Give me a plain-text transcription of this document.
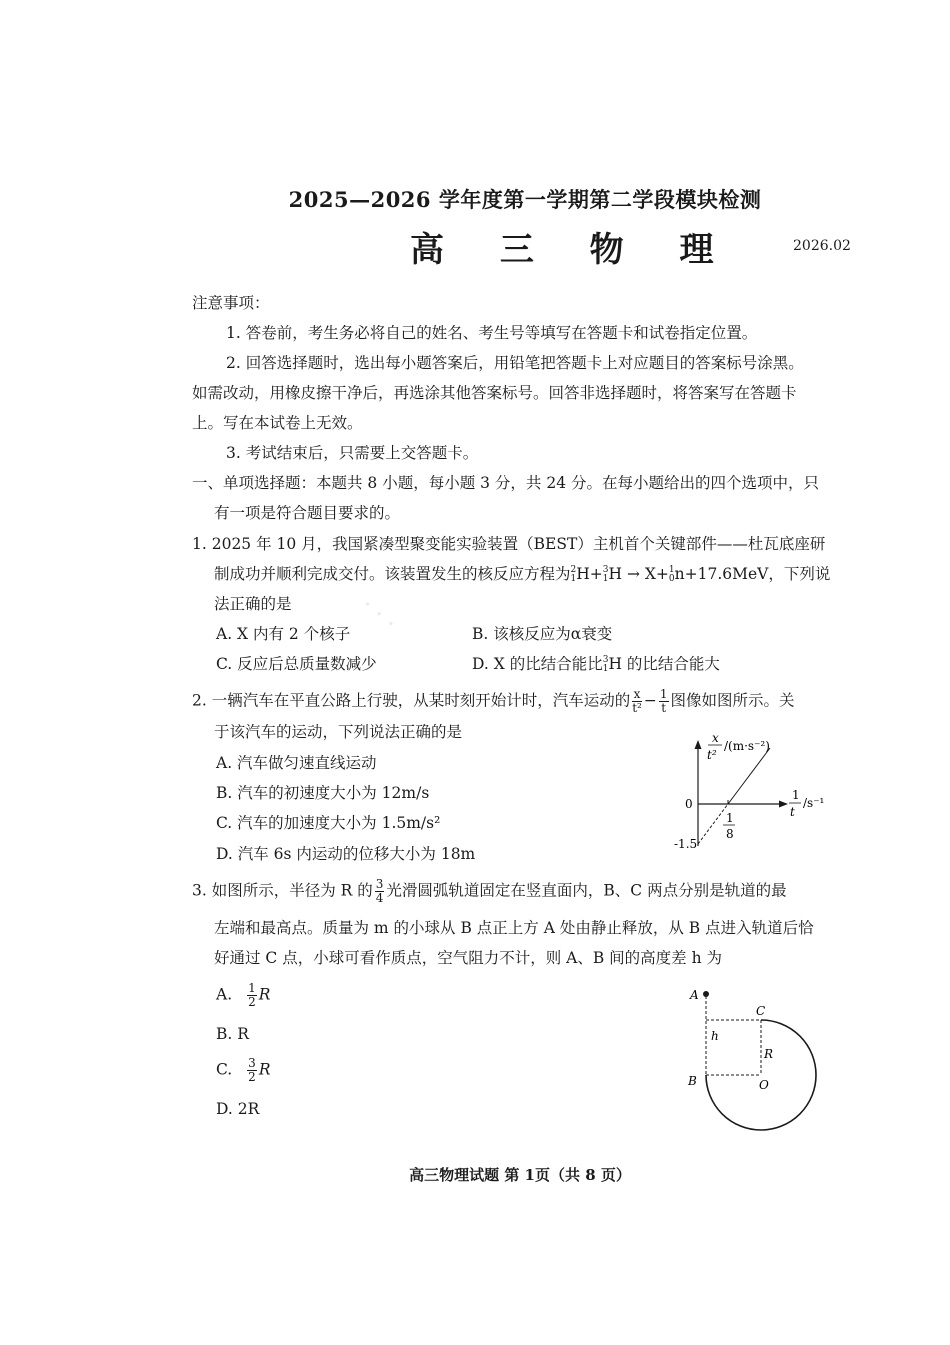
2025—2026 学年度第一学期第二学段模块检测
高 三 物 理	2026.02
注意事项：
1. 答卷前，考生务必将自己的姓名、考生号等填写在答题卡和试卷指定位置。
2. 回答选择题时，选出每小题答案后，用铅笔把答题卡上对应题目的答案标号涂黑。
如需改动，用橡皮擦干净后，再选涂其他答案标号。回答非选择题时，将答案写在答题卡
上。写在本试卷上无效。
3. 考试结束后，只需要上交答题卡。
一、单项选择题：本题共 8 小题，每小题 3 分，共 24 分。在每小题给出的四个选项中，只
有一项是符合题目要求的。
· · ·
1. 2025 年 10 月，我国紧凑型聚变能实验装置（BEST）主机首个关键部件——杜瓦底座研
制成功并顺利完成交付。该装置发生的核反应方程为 2
1 H+ 3
1 H → X+ 1
0 n+17.6MeV，下列说
法正确的是
A. X 内有 2 个核子	B. 该核反应为α衰变
C. 反应后总质量数减少	D. X 的比结合能比 3
1 H 的比结合能大
2. 一辆汽车在平直公路上行驶，从某时刻开始计时，汽车运动的 $\frac{x}{\text{t²}} - \frac{1}{t}$ 图像如图所示。关
于该汽车的运动，下列说法正确的是
A. 汽车做匀速直线运动
B. 汽车的初速度大小为 12m/s
C. 汽车的加速度大小为 1.5m/s²
D. 汽车 6s 内运动的位移大小为 18m
x
t²
/(m·s⁻²)
1
t
/s⁻¹
0
-1.5
1
8
3. 如图所示，半径为 R 的 $\frac{3}{4}$ 光滑圆弧轨道固定在竖直面内，B、C 两点分别是轨道的最
左端和最高点。质量为 m 的小球从 B 点正上方 A 处由静止释放，从 B 点进入轨道后恰
好通过 C 点，小球可看作质点，空气阻力不计，则 A、B 间的高度差 h 为
A. $\frac{1}{2}$ R
B. R
C. $\frac{3}{2}$ R
D. 2R
A
B
C
O
h
R
高三物理试题 第 1页（共 8 页）
